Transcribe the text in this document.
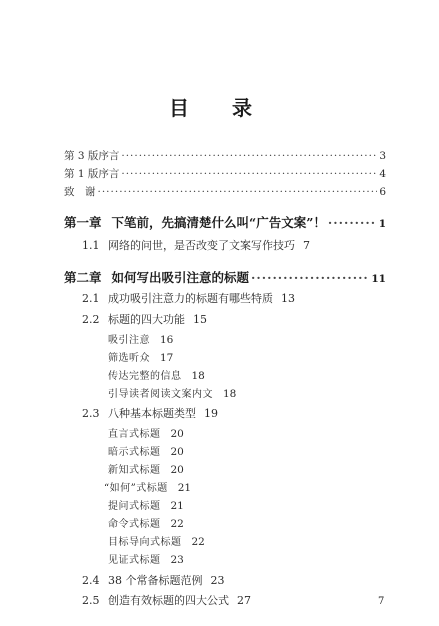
目 录
第 3 版序言 ·····	3
第 1 版序言 ·····	4
致　谢 ·····	6
第一章 下笔前，先搞清楚什么叫“广告文案”！ ·····	1
1.1 网络的问世，是否改变了文案写作技巧 7
第二章 如何写出吸引注意的标题 ·····	11
2.1 成功吸引注意力的标题有哪些特质 13
2.2 标题的四大功能 15
吸引注意 16
筛选听众 17
传达完整的信息 18
引导读者阅读文案内文 18
2.3 八种基本标题类型 19
直言式标题 20
暗示式标题 20
新知式标题 20
“如何”式标题 21
提问式标题 21
命令式标题 22
目标导向式标题 22
见证式标题 23
2.4 38 个常备标题范例 23
2.5 创造有效标题的四大公式 27	7
